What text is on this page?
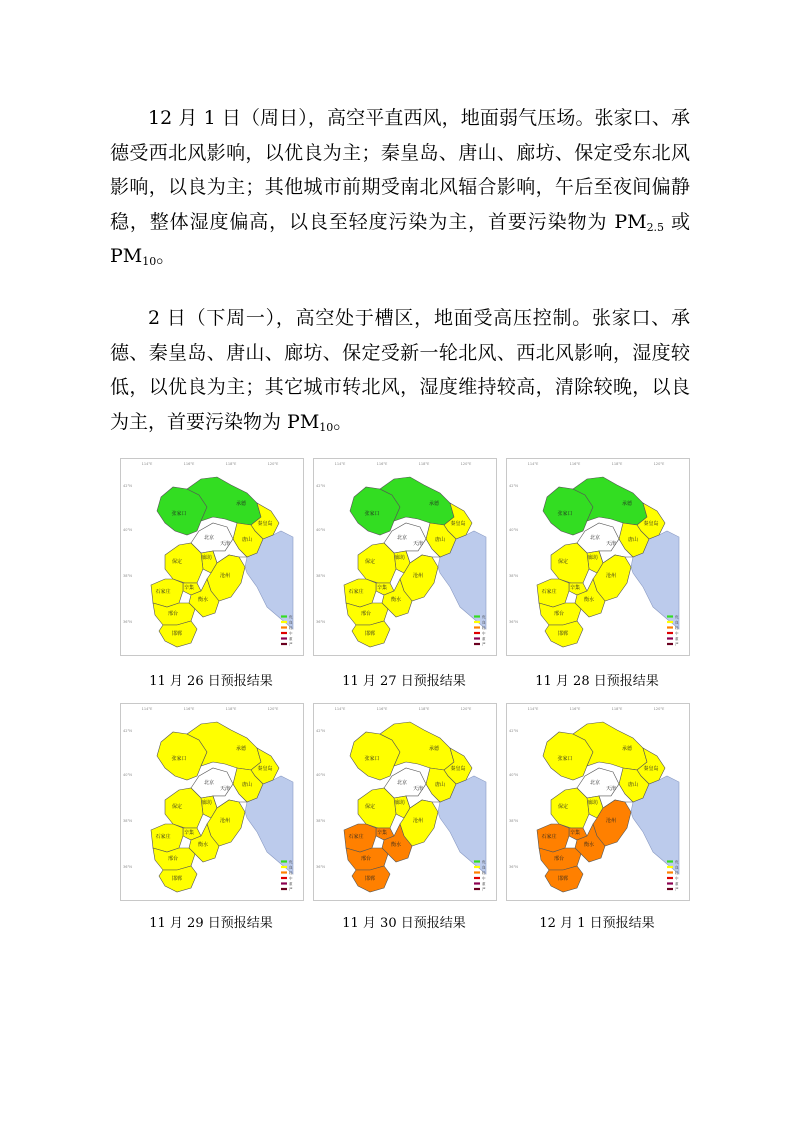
12 月 1 日（周日），高空平直西风，地面弱气压场。张家口、承德受西北风影响，以优良为主；秦皇岛、唐山、廊坊、保定受东北风影响，以良为主；其他城市前期受南北风辐合影响，午后至夜间偏静稳，整体湿度偏高，以良至轻度污染为主，首要污染物为 $PM_{2.5}$ 或 $PM_{10}$。

2 日（下周一），高空处于槽区，地面受高压控制。张家口、承德、秦皇岛、唐山、廊坊、保定受新一轮北风、西北风影响，湿度较低，以优良为主；其它城市转北风，湿度维持较高，清除较晚，以良为主，首要污染物为 $PM_{10}$。

114°E	116°E	118°E	120°E
42°N
40°N
38°N
36°N
张家口
承德
北京
天津
唐山
秦皇岛
廊坊
保定
沧州
石家庄
衡水
邢台
邯郸
辛集
优
良
轻
中
重
严
114°E	116°E	118°E	120°E
42°N
40°N
38°N
36°N
张家口
承德
北京
天津
唐山
秦皇岛
廊坊
保定
沧州
石家庄
衡水
邢台
邯郸
辛集
优
良
轻
中
重
严
114°E	116°E	118°E	120°E
42°N
40°N
38°N
36°N
张家口
承德
北京
天津
唐山
秦皇岛
廊坊
保定
沧州
石家庄
衡水
邢台
邯郸
辛集
优
良
轻
中
重
严
114°E	116°E	118°E	120°E
42°N
40°N
38°N
36°N
张家口
承德
北京
天津
唐山
秦皇岛
廊坊
保定
沧州
石家庄
衡水
邢台
邯郸
辛集
优
良
轻
中
重
严
114°E	116°E	118°E	120°E
42°N
40°N
38°N
36°N
张家口
承德
北京
天津
唐山
秦皇岛
廊坊
保定
沧州
石家庄
衡水
邢台
邯郸
辛集
优
良
轻
中
重
严
114°E	116°E	118°E	120°E
42°N
40°N
38°N
36°N
张家口
承德
北京
天津
唐山
秦皇岛
廊坊
保定
沧州
石家庄
衡水
邢台
邯郸
辛集
优
良
轻
中
重
严
11 月 26 日预报结果	11 月 27 日预报结果	11 月 28 日预报结果
11 月 29 日预报结果	11 月 30 日预报结果	12 月 1 日预报结果
